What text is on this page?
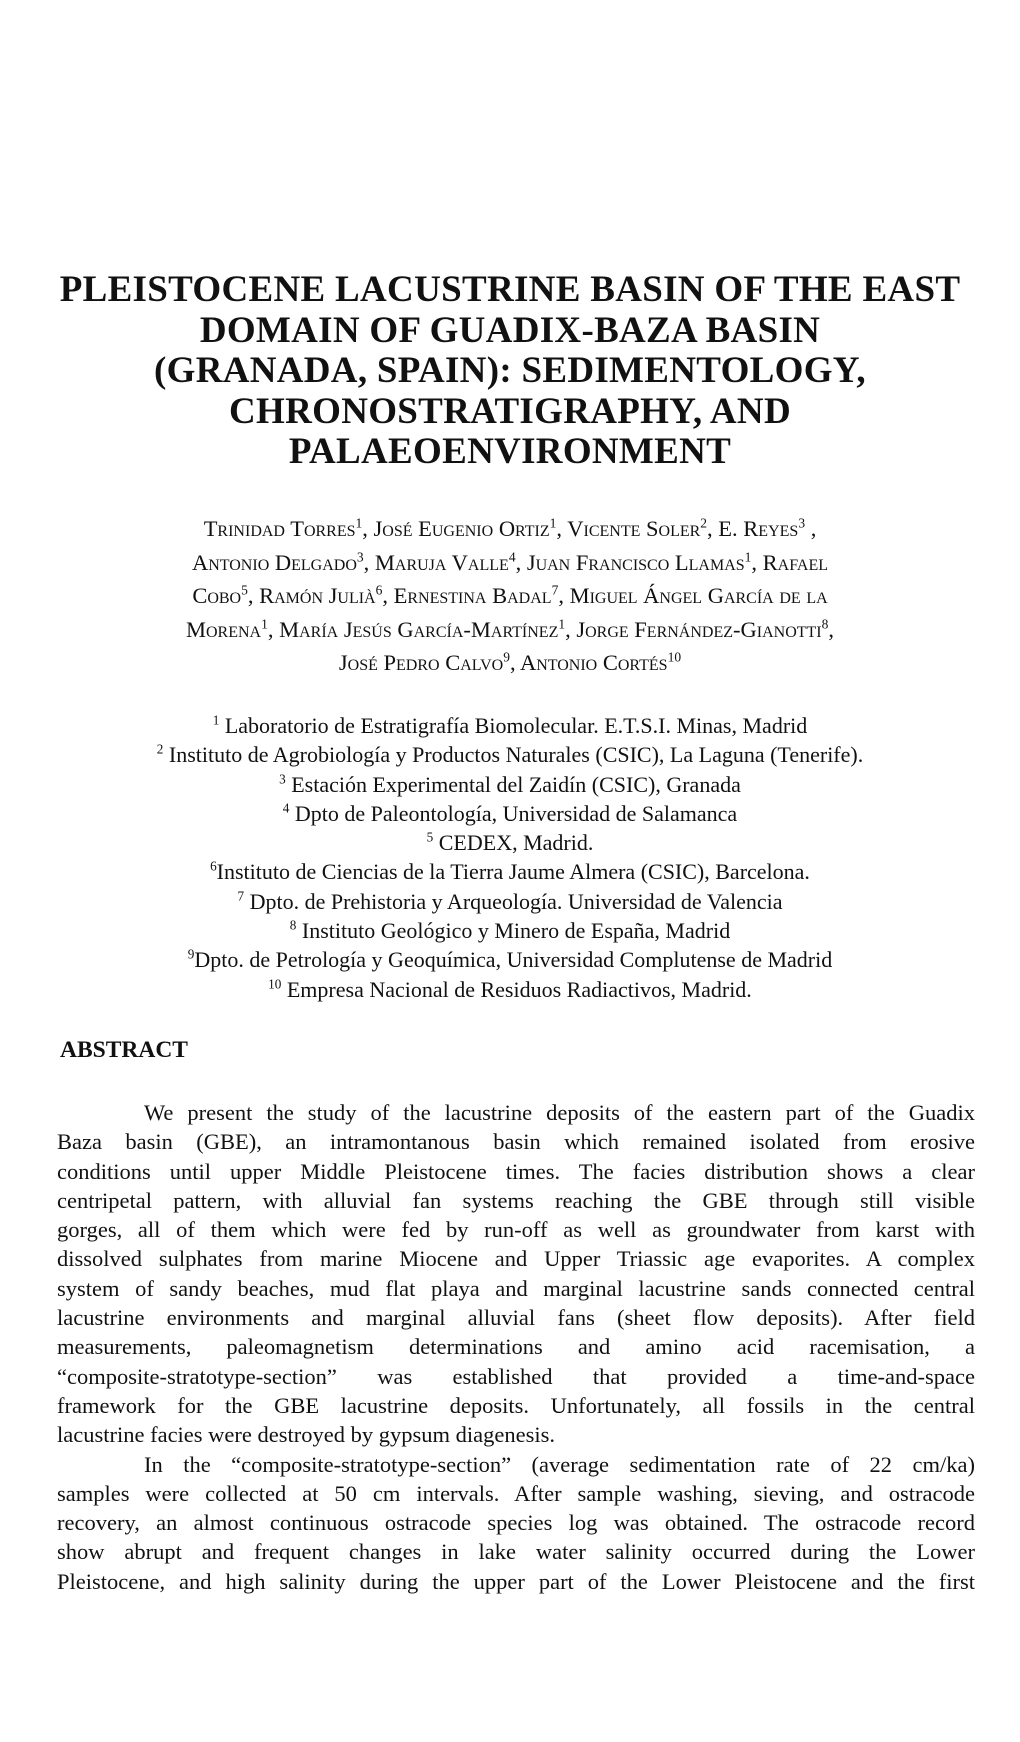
PLEISTOCENE LACUSTRINE BASIN OF THE EAST
DOMAIN OF GUADIX-BAZA BASIN
(GRANADA, SPAIN): SEDIMENTOLOGY,
CHRONOSTRATIGRAPHY, AND
PALAEOENVIRONMENT
Trinidad Torres$^1$, José Eugenio Ortiz$^1$, Vicente Soler$^2$, E. Reyes$^3$ ,
Antonio Delgado$^3$, Maruja Valle$^4$, Juan Francisco Llamas$^1$, Rafael
Cobo$^5$, Ramón Julià$^6$, Ernestina Badal$^7$, Miguel Ángel García de la
Morena$^1$, María Jesús García-Martínez$^1$, Jorge Fernández-Gianotti$^8$,
José Pedro Calvo$^9$, Antonio Cortés$^{10}$
$^1$ Laboratorio de Estratigrafía Biomolecular. E.T.S.I. Minas, Madrid
$^2$ Instituto de Agrobiología y Productos Naturales (CSIC), La Laguna (Tenerife).
$^3$ Estación Experimental del Zaidín (CSIC), Granada
$^4$ Dpto de Paleontología, Universidad de Salamanca
$^5$ CEDEX, Madrid.
$^6$Instituto de Ciencias de la Tierra Jaume Almera (CSIC), Barcelona.
$^7$ Dpto. de Prehistoria y Arqueología. Universidad de Valencia
$^8$ Instituto Geológico y Minero de España, Madrid
$^9$Dpto. de Petrología y Geoquímica, Universidad Complutense de Madrid
$^{10}$ Empresa Nacional de Residuos Radiactivos, Madrid.
ABSTRACT
We present the study of the lacustrine deposits of the eastern part of the Guadix
Baza basin (GBE), an intramontanous basin which remained isolated from erosive
conditions until upper Middle Pleistocene times. The facies distribution shows a clear
centripetal pattern, with alluvial fan systems reaching the GBE through still visible
gorges, all of them which were fed by run-off as well as groundwater from karst with
dissolved sulphates from marine Miocene and Upper Triassic age evaporites. A complex
system of sandy beaches, mud flat playa and marginal lacustrine sands connected central
lacustrine environments and marginal alluvial fans (sheet flow deposits). After field
measurements, paleomagnetism determinations and amino acid racemisation, a
“composite-stratotype-section” was established that provided a time-and-space
framework for the GBE lacustrine deposits. Unfortunately, all fossils in the central
lacustrine facies were destroyed by gypsum diagenesis.
In the “composite-stratotype-section” (average sedimentation rate of 22 cm/ka)
samples were collected at 50 cm intervals. After sample washing, sieving, and ostracode
recovery, an almost continuous ostracode species log was obtained. The ostracode record
show abrupt and frequent changes in lake water salinity occurred during the Lower
Pleistocene, and high salinity during the upper part of the Lower Pleistocene and the first
